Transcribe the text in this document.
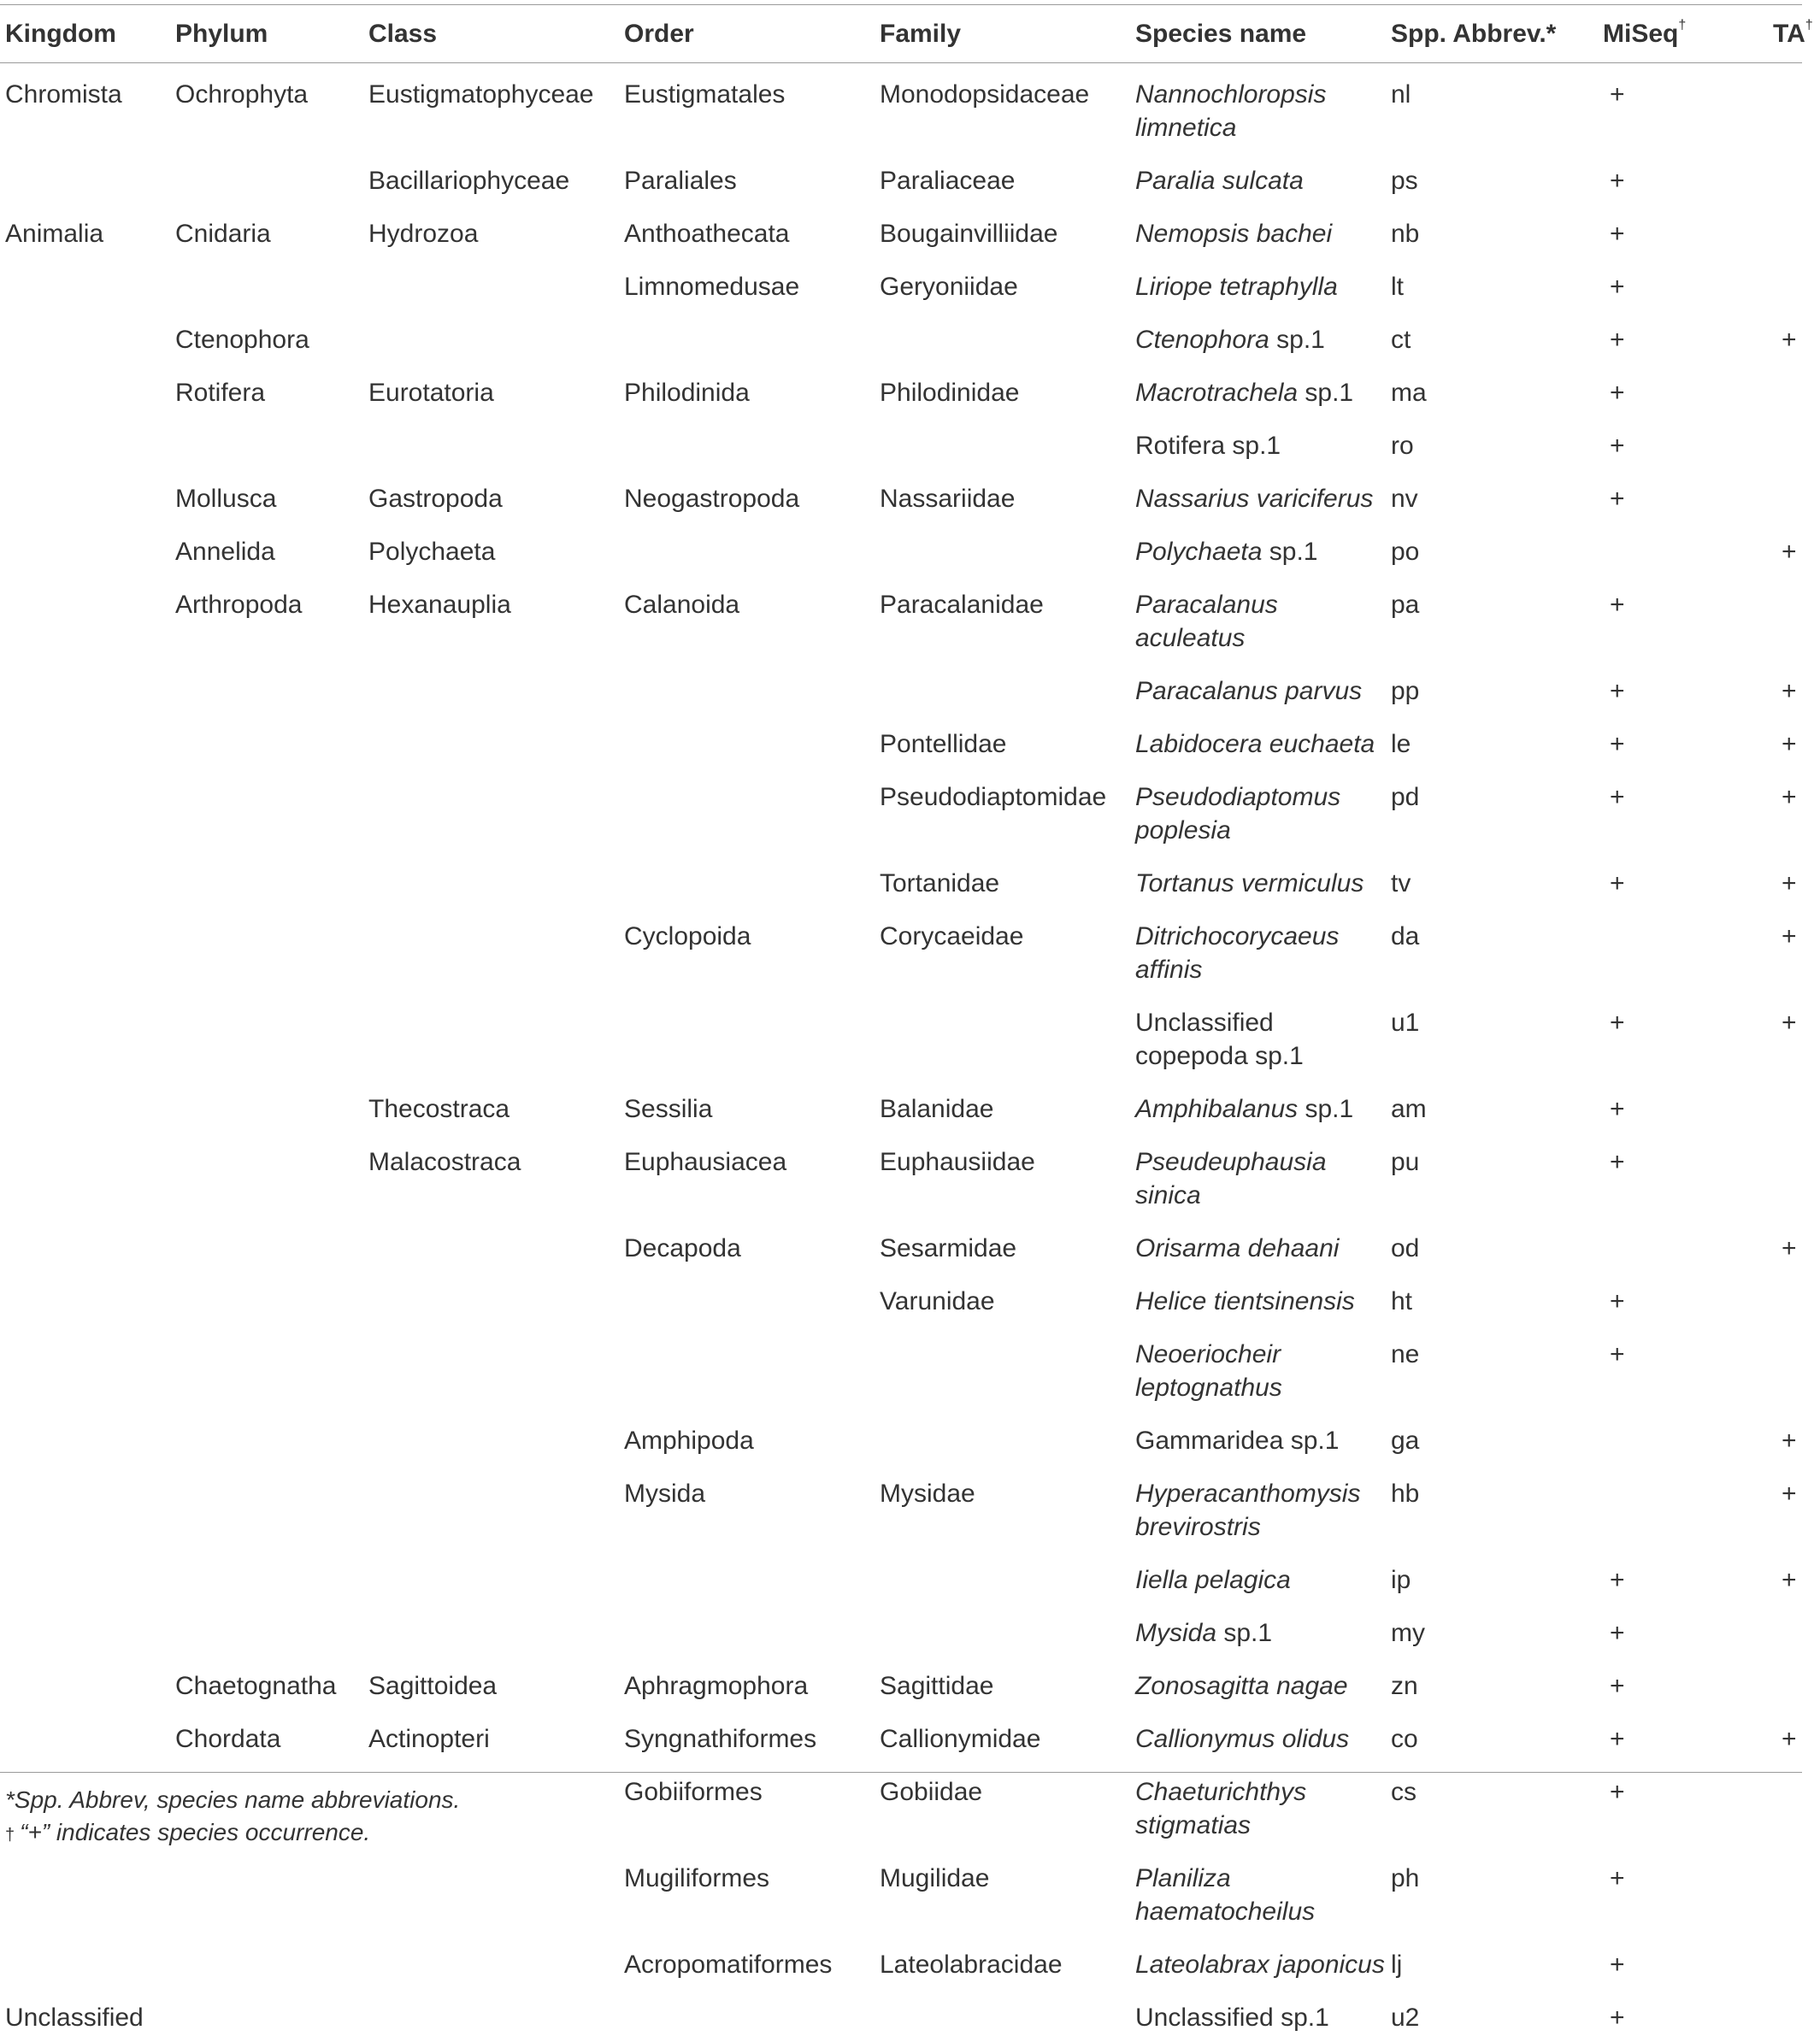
Kingdom	Phylum	Class	Order	Family	Species name	Spp. Abbrev.*	MiSeq†	TA†
Chromista	Ochrophyta	Eustigmatophyceae	Eustigmatales	Monodopsidaceae	Nannochloropsis limnetica	nl	+	
		Bacillariophyceae	Paraliales	Paraliaceae	Paralia sulcata	ps	+	
Animalia	Cnidaria	Hydrozoa	Anthoathecata	Bougainvilliidae	Nemopsis bachei	nb	+	
			Limnomedusae	Geryoniidae	Liriope tetraphylla	lt	+	
	Ctenophora				Ctenophora sp.1	ct	+	+
	Rotifera	Eurotatoria	Philodinida	Philodinidae	Macrotrachela sp.1	ma	+	
					Rotifera sp.1	ro	+	
	Mollusca	Gastropoda	Neogastropoda	Nassariidae	Nassarius variciferus	nv	+	
	Annelida	Polychaeta			Polychaeta sp.1	po		+
	Arthropoda	Hexanauplia	Calanoida	Paracalanidae	Paracalanus aculeatus	pa	+	
					Paracalanus parvus	pp	+	+
				Pontellidae	Labidocera euchaeta	le	+	+
				Pseudodiaptomidae	Pseudodiaptomus poplesia	pd	+	+
				Tortanidae	Tortanus vermiculus	tv	+	+
			Cyclopoida	Corycaeidae	Ditrichocorycaeus affinis	da		+
					Unclassified copepoda sp.1	u1	+	+
		Thecostraca	Sessilia	Balanidae	Amphibalanus sp.1	am	+	
		Malacostraca	Euphausiacea	Euphausiidae	Pseudeuphausia sinica	pu	+	
			Decapoda	Sesarmidae	Orisarma dehaani	od		+
				Varunidae	Helice tientsinensis	ht	+	
					Neoeriocheir leptognathus	ne	+	
			Amphipoda		Gammaridea sp.1	ga		+
			Mysida	Mysidae	Hyperacanthomysis brevirostris	hb		+
					Iiella pelagica	ip	+	+
					Mysida sp.1	my	+	
	Chaetognatha	Sagittoidea	Aphragmophora	Sagittidae	Zonosagitta nagae	zn	+	
	Chordata	Actinopteri	Syngnathiformes	Callionymidae	Callionymus olidus	co	+	+
			Gobiiformes	Gobiidae	Chaeturichthys stigmatias	cs	+	
			Mugiliformes	Mugilidae	Planiliza haematocheilus	ph	+	
			Acropomatiformes	Lateolabracidae	Lateolabrax japonicus	lj	+	
Unclassified					Unclassified sp.1	u2	+	
*Spp. Abbrev, species name abbreviations.
† “+” indicates species occurrence.
